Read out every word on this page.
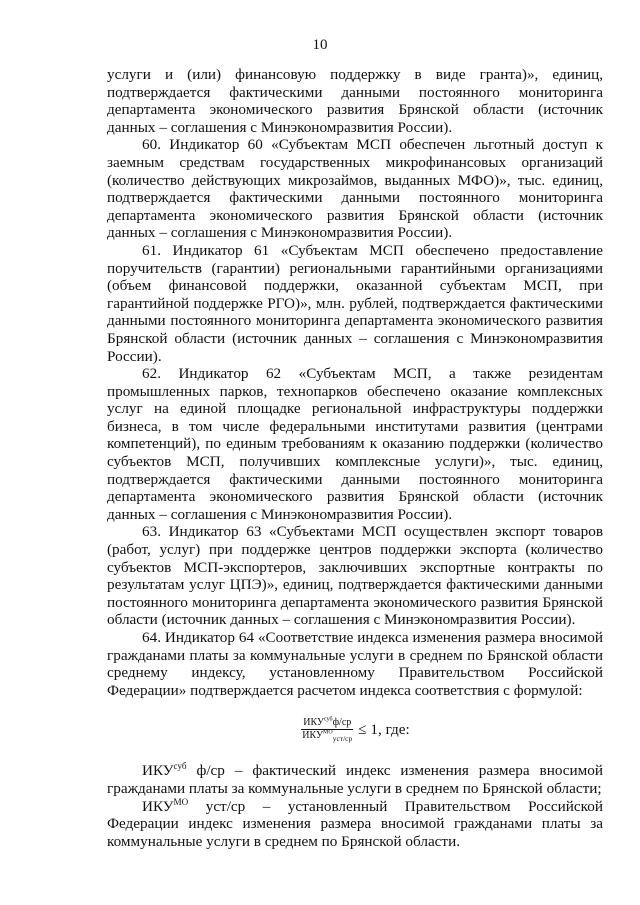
10

услуги и (или) финансовую поддержку в виде гранта)», единиц, подтверждается фактическими данными постоянного мониторинга департамента экономического развития Брянской области (источник данных – соглашения с Минэкономразвития России).

60. Индикатор 60 «Субъектам МСП обеспечен льготный доступ к заемным средствам государственных микрофинансовых организаций (количество действующих микрозаймов, выданных МФО)», тыс. единиц, подтверждается фактическими данными постоянного мониторинга департамента экономического развития Брянской области (источник данных – соглашения с Минэкономразвития России).

61. Индикатор 61 «Субъектам МСП обеспечено предоставление поручительств (гарантии) региональными гарантийными организациями (объем финансовой поддержки, оказанной субъектам МСП, при гарантийной поддержке РГО)», млн. рублей, подтверждается фактическими данными постоянного мониторинга департамента экономического развития Брянской области (источник данных – соглашения с Минэкономразвития России).

62. Индикатор 62 «Субъектам МСП, а также резидентам промышленных парков, технопарков обеспечено оказание комплексных услуг на единой площадке региональной инфраструктуры поддержки бизнеса, в том числе федеральными институтами развития (центрами компетенций), по единым требованиям к оказанию поддержки (количество субъектов МСП, получивших комплексные услуги)», тыс. единиц, подтверждается фактическими данными постоянного мониторинга департамента экономического развития Брянской области (источник данных – соглашения с Минэкономразвития России).

63. Индикатор 63 «Субъектами МСП осуществлен экспорт товаров (работ, услуг) при поддержке центров поддержки экспорта (количество субъектов МСП-экспортеров, заключивших экспортные контракты по результатам услуг ЦПЭ)», единиц, подтверждается фактическими данными постоянного мониторинга департамента экономического развития Брянской области (источник данных – соглашения с Минэкономразвития России).

64. Индикатор 64 «Соответствие индекса изменения размера вносимой гражданами платы за коммунальные услуги в среднем по Брянской области среднему индексу, установленному Правительством Российской Федерации» подтверждается расчетом индекса соответствия с формулой:

$\frac{ИКУ^{суб}ф/ср}{ИКУ^{МО}_{уст/ср}} \le 1$, где:

$ИКУ^{суб}$ ф/ср – фактический индекс изменения размера вносимой гражданами платы за коммунальные услуги в среднем по Брянской области;

$ИКУ^{МО}$ уст/ср – установленный Правительством Российской Федерации индекс изменения размера вносимой гражданами платы за коммунальные услуги в среднем по Брянской области.
